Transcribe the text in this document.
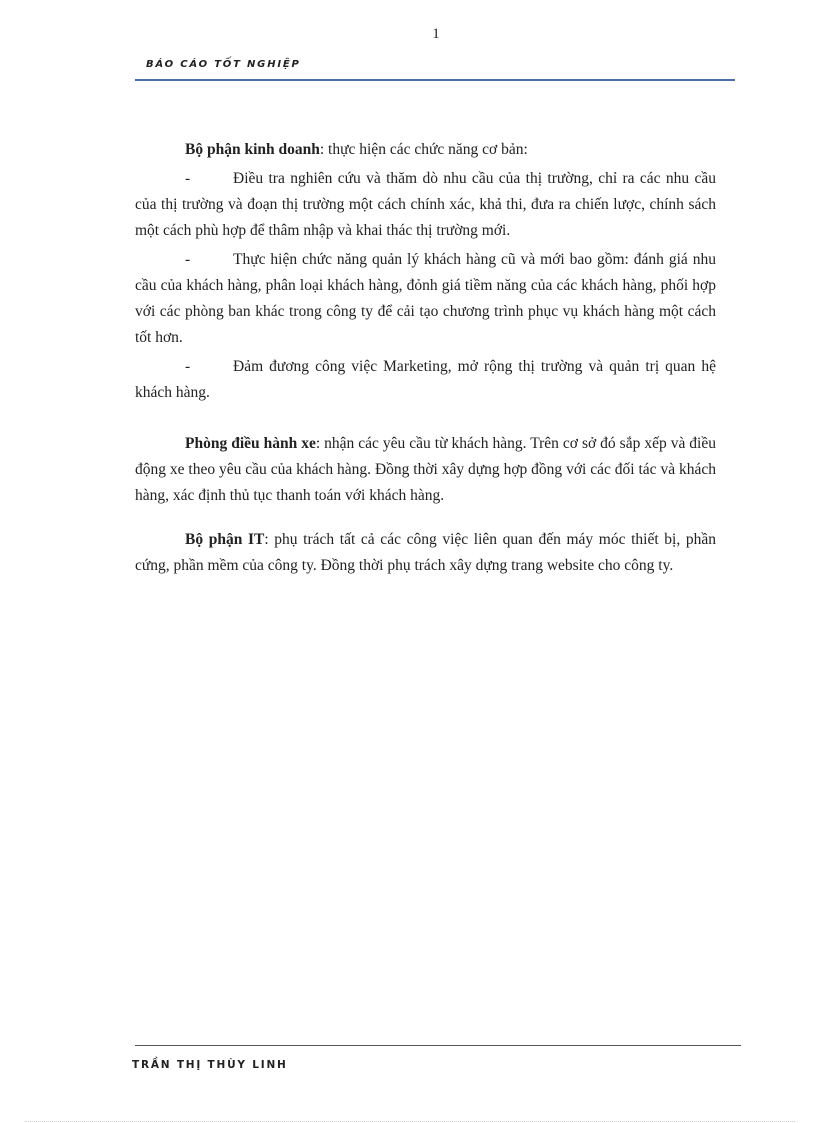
1
BÁO CÁO TỐT NGHIỆP

Bộ phận kinh doanh: thực hiện các chức năng cơ bản:

-	Điều tra nghiên cứu và thăm dò nhu cầu của thị trường, chỉ ra các nhu cầu của thị trường và đoạn thị trường một cách chính xác, khả thi, đưa ra chiến lược, chính sách một cách phù hợp để thâm nhập và khai thác thị trường mới.

-	Thực hiện chức năng quản lý khách hàng cũ và mới bao gồm: đánh giá nhu cầu của khách hàng, phân loại khách hàng, đỏnh giá tiềm năng của các khách hàng, phối hợp với các phòng ban khác trong công ty để cải tạo chương trình phục vụ khách hàng một cách tốt hơn.

-	Đảm đương công việc Marketing, mở rộng thị trường và quản trị quan hệ khách hàng.

Phòng điều hành xe: nhận các yêu cầu từ khách hàng. Trên cơ sở đó sắp xếp và điều động xe theo yêu cầu của khách hàng. Đồng thời xây dựng hợp đồng với các đối tác và khách hàng, xác định thủ tục thanh toán với khách hàng.

Bộ phận IT: phụ trách tất cả các công việc liên quan đến máy móc thiết bị, phần cứng, phần mềm của công ty. Đồng thời phụ trách xây dựng trang website cho công ty.

TRẦN THỊ THÙY LINH
